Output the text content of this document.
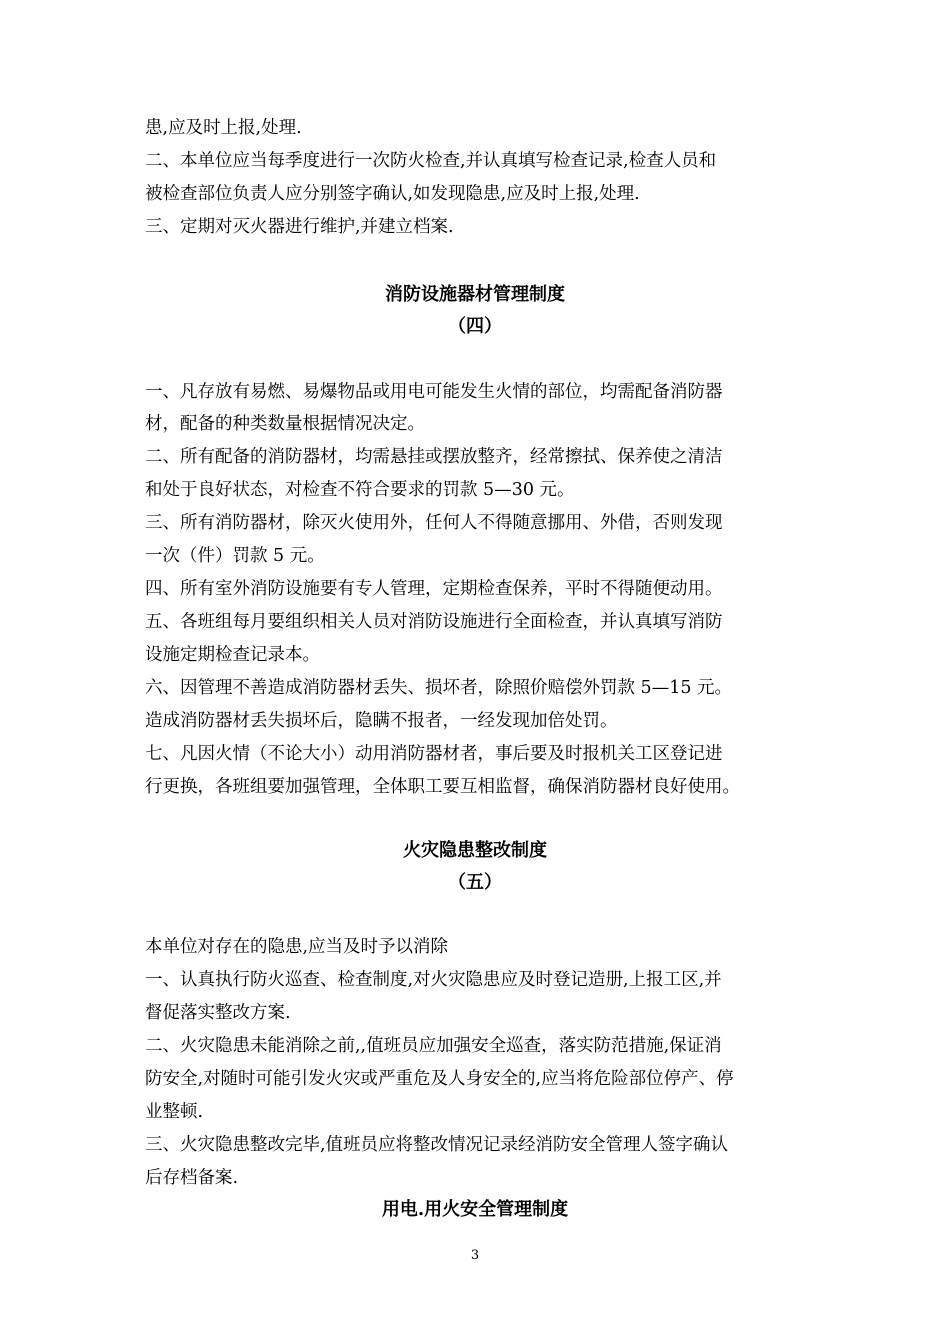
患,应及时上报,处理.
二、本单位应当每季度进行一次防火检查,并认真填写检查记录,检查人员和
被检查部位负责人应分别签字确认,如发现隐患,应及时上报,处理.
三、定期对灭火器进行维护,并建立档案.
消防设施器材管理制度
（四）
一、凡存放有易燃、易爆物品或用电可能发生火情的部位，均需配备消防器
材，配备的种类数量根据情况决定。
二、所有配备的消防器材，均需悬挂或摆放整齐，经常擦拭、保养使之清洁
和处于良好状态，对检查不符合要求的罚款 5—30 元。
三、所有消防器材，除灭火使用外，任何人不得随意挪用、外借，否则发现
一次（件）罚款 5 元。
四、所有室外消防设施要有专人管理，定期检查保养，平时不得随便动用。
五、各班组每月要组织相关人员对消防设施进行全面检查，并认真填写消防
设施定期检查记录本。
六、因管理不善造成消防器材丢失、损坏者，除照价赔偿外罚款 5—15 元。
造成消防器材丢失损坏后，隐瞒不报者，一经发现加倍处罚。
七、凡因火情（不论大小）动用消防器材者，事后要及时报机关工区登记进
行更换，各班组要加强管理，全体职工要互相监督，确保消防器材良好使用。
火灾隐患整改制度
（五）
本单位对存在的隐患,应当及时予以消除
一、认真执行防火巡查、检查制度,对火灾隐患应及时登记造册,上报工区,并
督促落实整改方案.
二、火灾隐患未能消除之前,,值班员应加强安全巡查，落实防范措施,保证消
防安全,对随时可能引发火灾或严重危及人身安全的,应当将危险部位停产、停
业整顿.
三、火灾隐患整改完毕,值班员应将整改情况记录经消防安全管理人签字确认
后存档备案.
用电.用火安全管理制度
3
